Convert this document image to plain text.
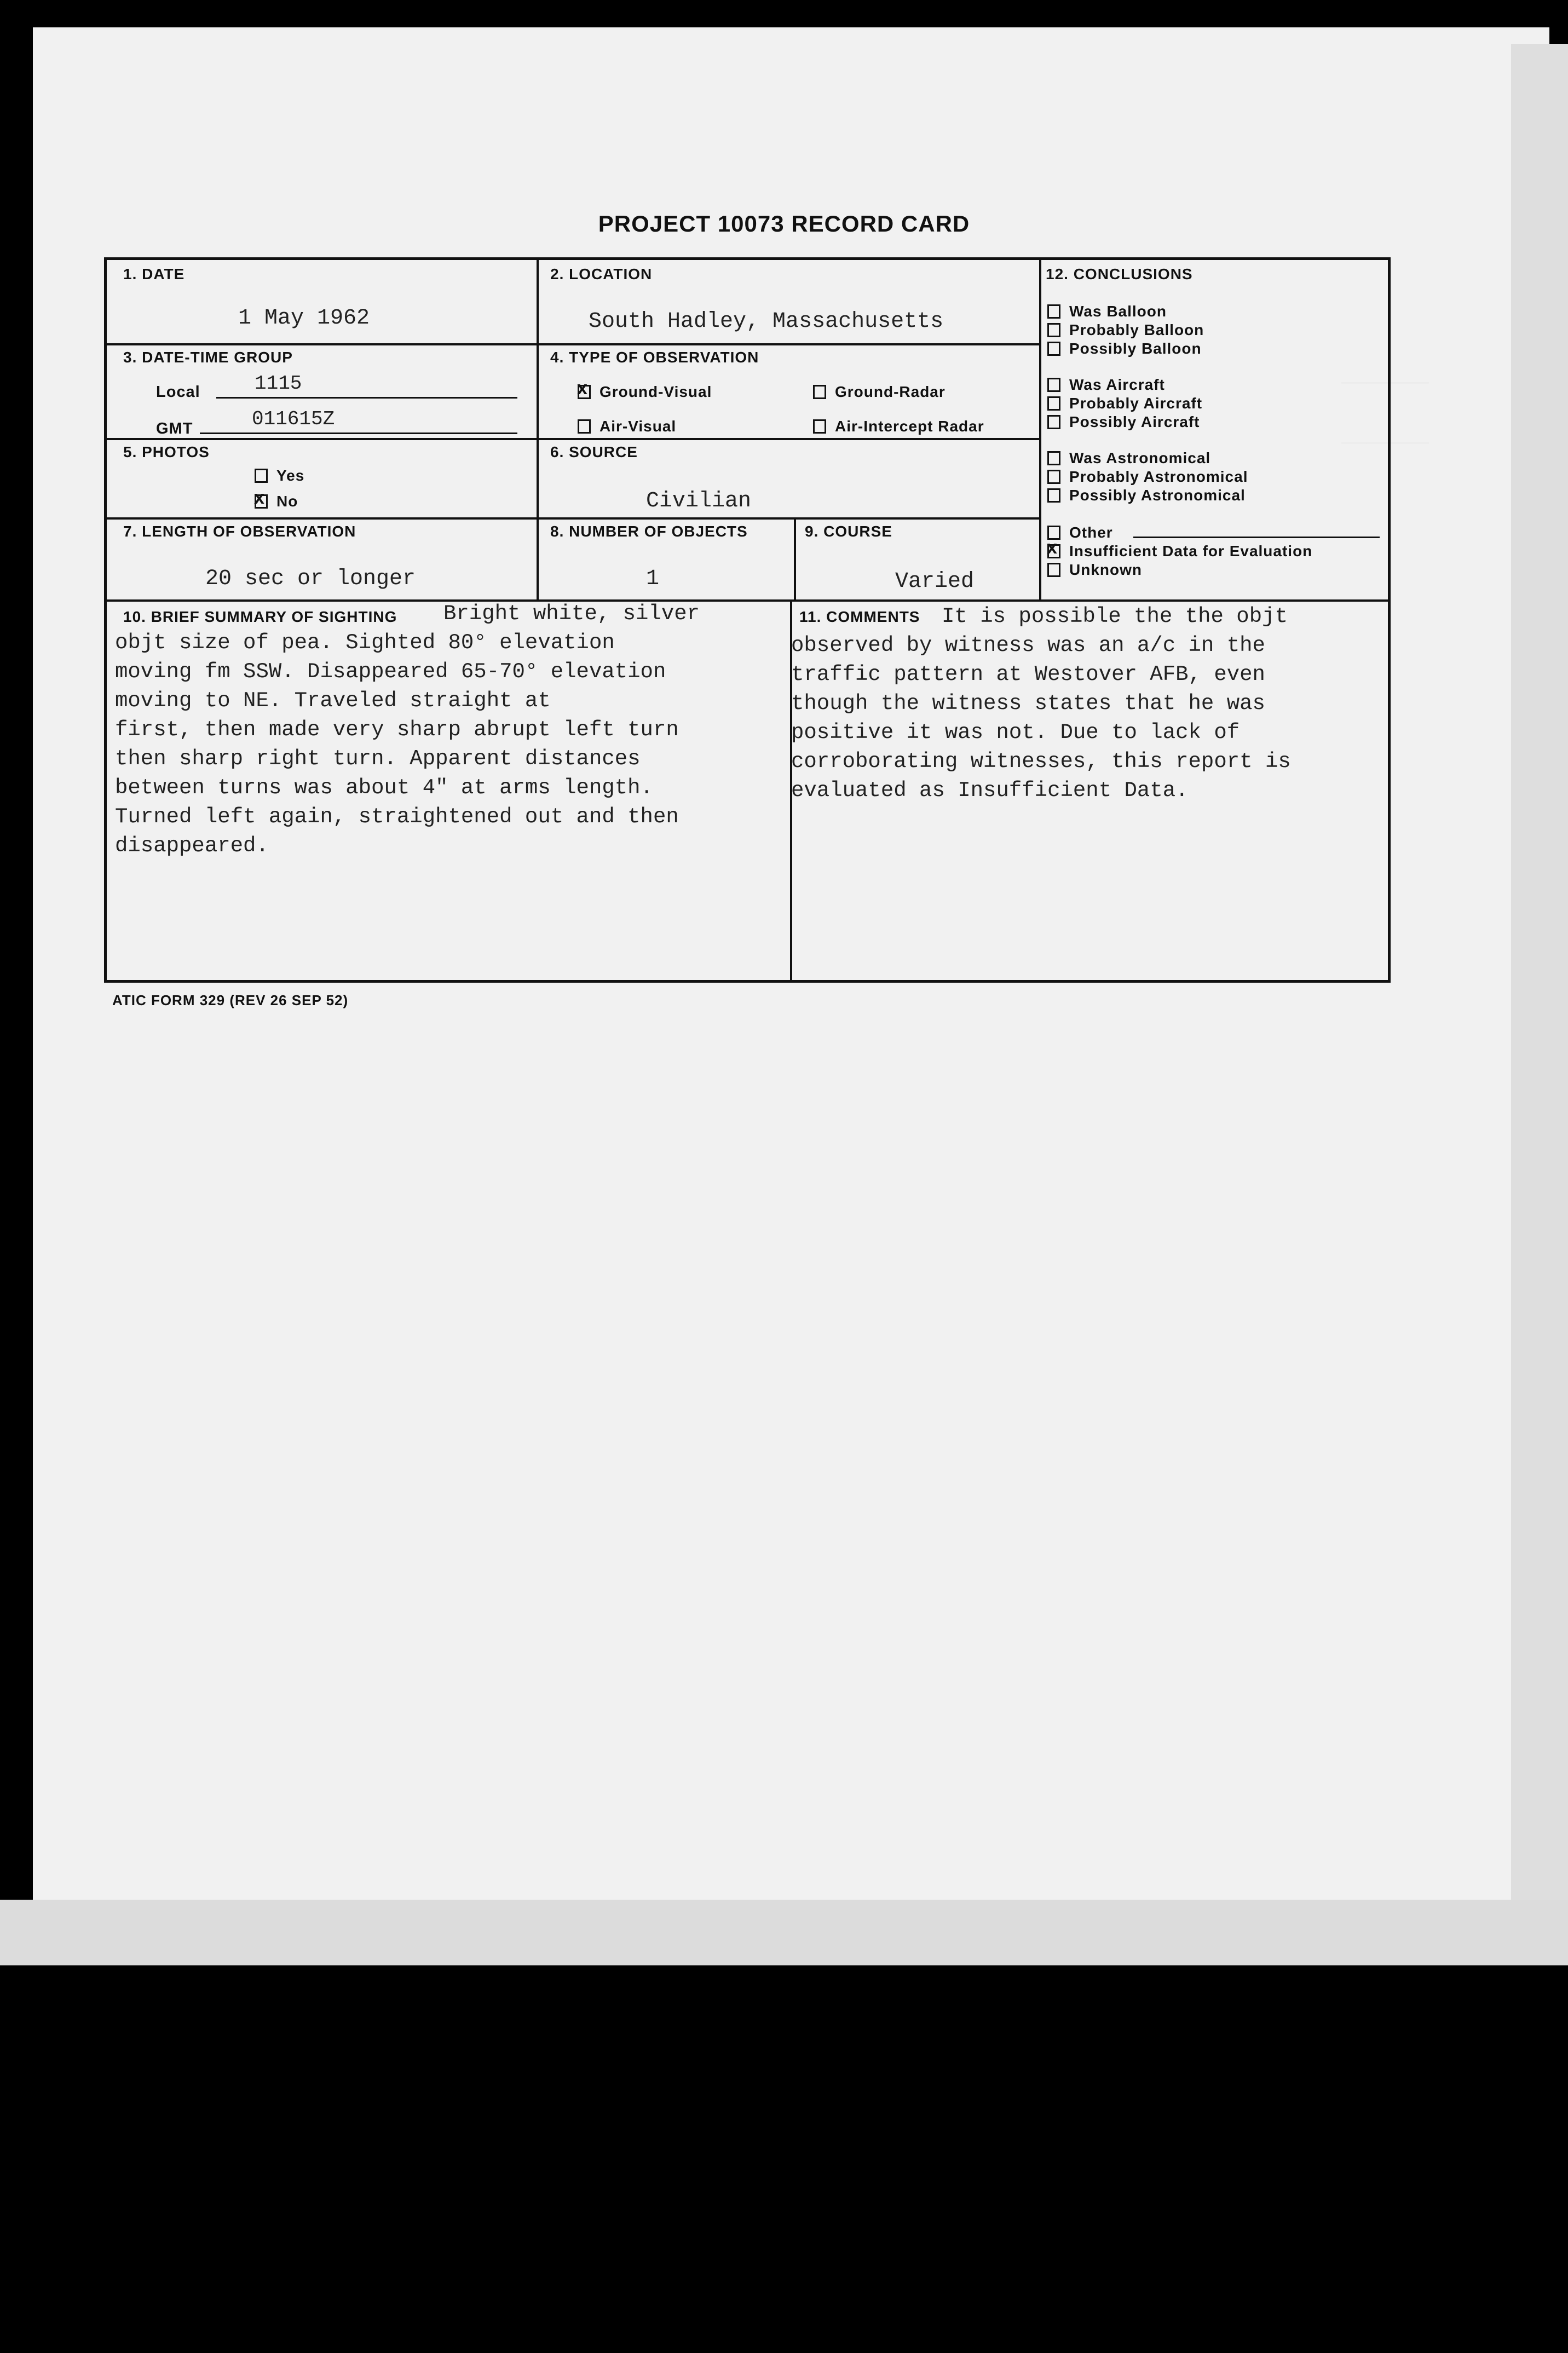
───────
───────
PROJECT 10073 RECORD CARD
1. DATE
1 May 1962
2. LOCATION
South Hadley, Massachusetts
3. DATE-TIME GROUP
Local	1115
GMT	011615Z
4. TYPE OF OBSERVATION
xGround-Visual	Ground-Radar
Air-Visual	Air-Intercept Radar
5. PHOTOS
Yes
xNo
6. SOURCE
Civilian
7. LENGTH OF OBSERVATION
20 sec or longer
8. NUMBER OF OBJECTS
1
9. COURSE
Varied
12. CONCLUSIONS
Was Balloon
Probably Balloon
Possibly Balloon
Was Aircraft
Probably Aircraft
Possibly Aircraft
Was Astronomical
Probably Astronomical
Possibly Astronomical
Other
xInsufficient Data for Evaluation
Unknown
10. BRIEF SUMMARY OF SIGHTING Bright white, silver
objt size of pea. Sighted 80° elevation
moving fm SSW. Disappeared 65-70° elevation
moving to NE. Traveled straight at
first, then made very sharp abrupt left turn
then sharp right turn. Apparent distances
between turns was about 4" at arms length.
Turned left again, straightened out and then
disappeared.
11. COMMENTS It is possible the the objt
observed by witness was an a/c in the
traffic pattern at Westover AFB, even
though the witness states that he was
positive it was not. Due to lack of
corroborating witnesses, this report is
evaluated as Insufficient Data.
ATIC FORM 329 (REV 26 SEP 52)
